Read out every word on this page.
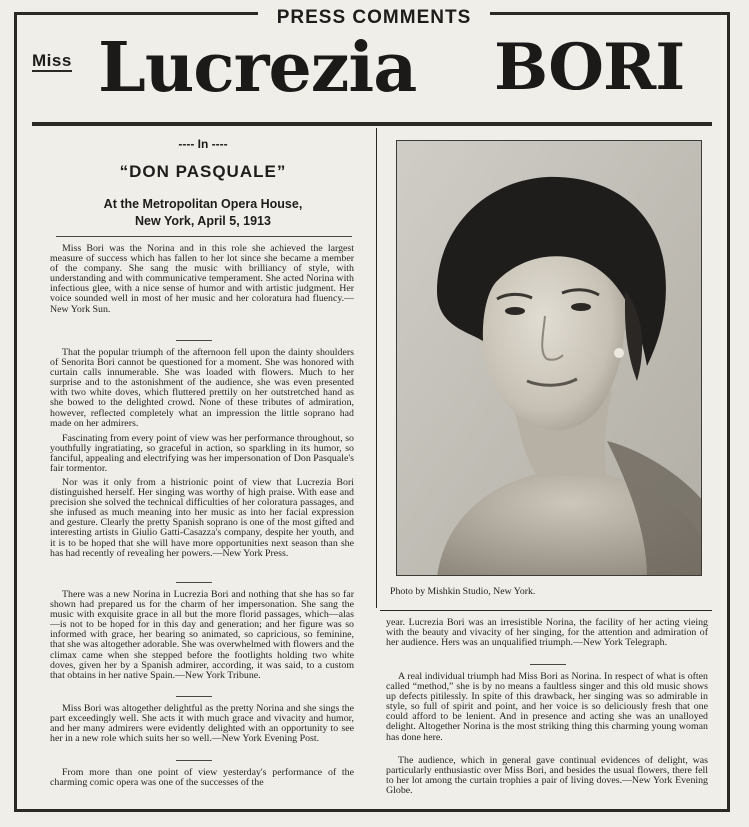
PRESS COMMENTS
Miss Lucrezia BORI
---- In ----
“DON PASQUALE”
At the Metropolitan Opera House,
New York, April 5, 1913
Miss Bori was the Norina and in this role she achieved the largest measure of success which has fallen to her lot since she became a member of the company. She sang the music with brilliancy of style, with understanding and with communicative temperament. She acted Norina with infectious glee, with a nice sense of humor and with artistic judgment. Her voice sounded well in most of her music and her coloratura had fluency.—New York Sun.
That the popular triumph of the afternoon fell upon the dainty shoulders of Senorita Bori cannot be questioned for a moment. She was honored with curtain calls innumerable. She was loaded with flowers. Much to her surprise and to the astonishment of the audience, she was even presented with two white doves, which fluttered prettily on her outstretched hand as she bowed to the delighted crowd. None of these tributes of admiration, however, reflected completely what an impression the little soprano had made on her admirers.
Fascinating from every point of view was her performance throughout, so youthfully ingratiating, so graceful in action, so sparkling in its humor, so fanciful, appealing and electrifying was her impersonation of Don Pasquale's fair tormentor.
Nor was it only from a histrionic point of view that Lucrezia Bori distinguished herself. Her singing was worthy of high praise. With ease and precision she solved the technical difficulties of her coloratura passages, and she infused as much meaning into her music as into her facial expression and gesture. Clearly the pretty Spanish soprano is one of the most gifted and interesting artists in Giulio Gatti-Casazza's company, despite her youth, and it is to be hoped that she will have more opportunities next season than she has had recently of revealing her powers.—New York Press.
There was a new Norina in Lucrezia Bori and nothing that she has so far shown had prepared us for the charm of her impersonation. She sang the music with exquisite grace in all but the more florid passages, which—alas—is not to be hoped for in this day and generation; and her figure was so informed with grace, her bearing so animated, so capricious, so feminine, that she was altogether adorable. She was overwhelmed with flowers and the climax came when she stepped before the footlights holding two white doves, given her by a Spanish admirer, according, it was said, to a custom that obtains in her native Spain.—New York Tribune.
Miss Bori was altogether delightful as the pretty Norina and she sings the part exceedingly well. She acts it with much grace and vivacity and humor, and her many admirers were evidently delighted with an opportunity to see her in a new role which suits her so well.—New York Evening Post.
From more than one point of view yesterday's performance of the charming comic opera was one of the successes of the
Photo by Mishkin Studio, New York.
year. Lucrezia Bori was an irresistible Norina, the facility of her acting vieing with the beauty and vivacity of her singing, for the attention and admiration of her audience. Hers was an unqualified triumph.—New York Telegraph.
A real individual triumph had Miss Bori as Norina. In respect of what is often called “method,” she is by no means a faultless singer and this old music shows up defects pitilessly. In spite of this drawback, her singing was so admirable in style, so full of spirit and point, and her voice is so deliciously fresh that one could afford to be lenient. And in presence and acting she was an unalloyed delight. Altogether Norina is the most striking thing this charming young woman has done here.
The audience, which in general gave continual evidences of delight, was particularly enthusiastic over Miss Bori, and besides the usual flowers, there fell to her lot among the curtain trophies a pair of living doves.—New York Evening Globe.
